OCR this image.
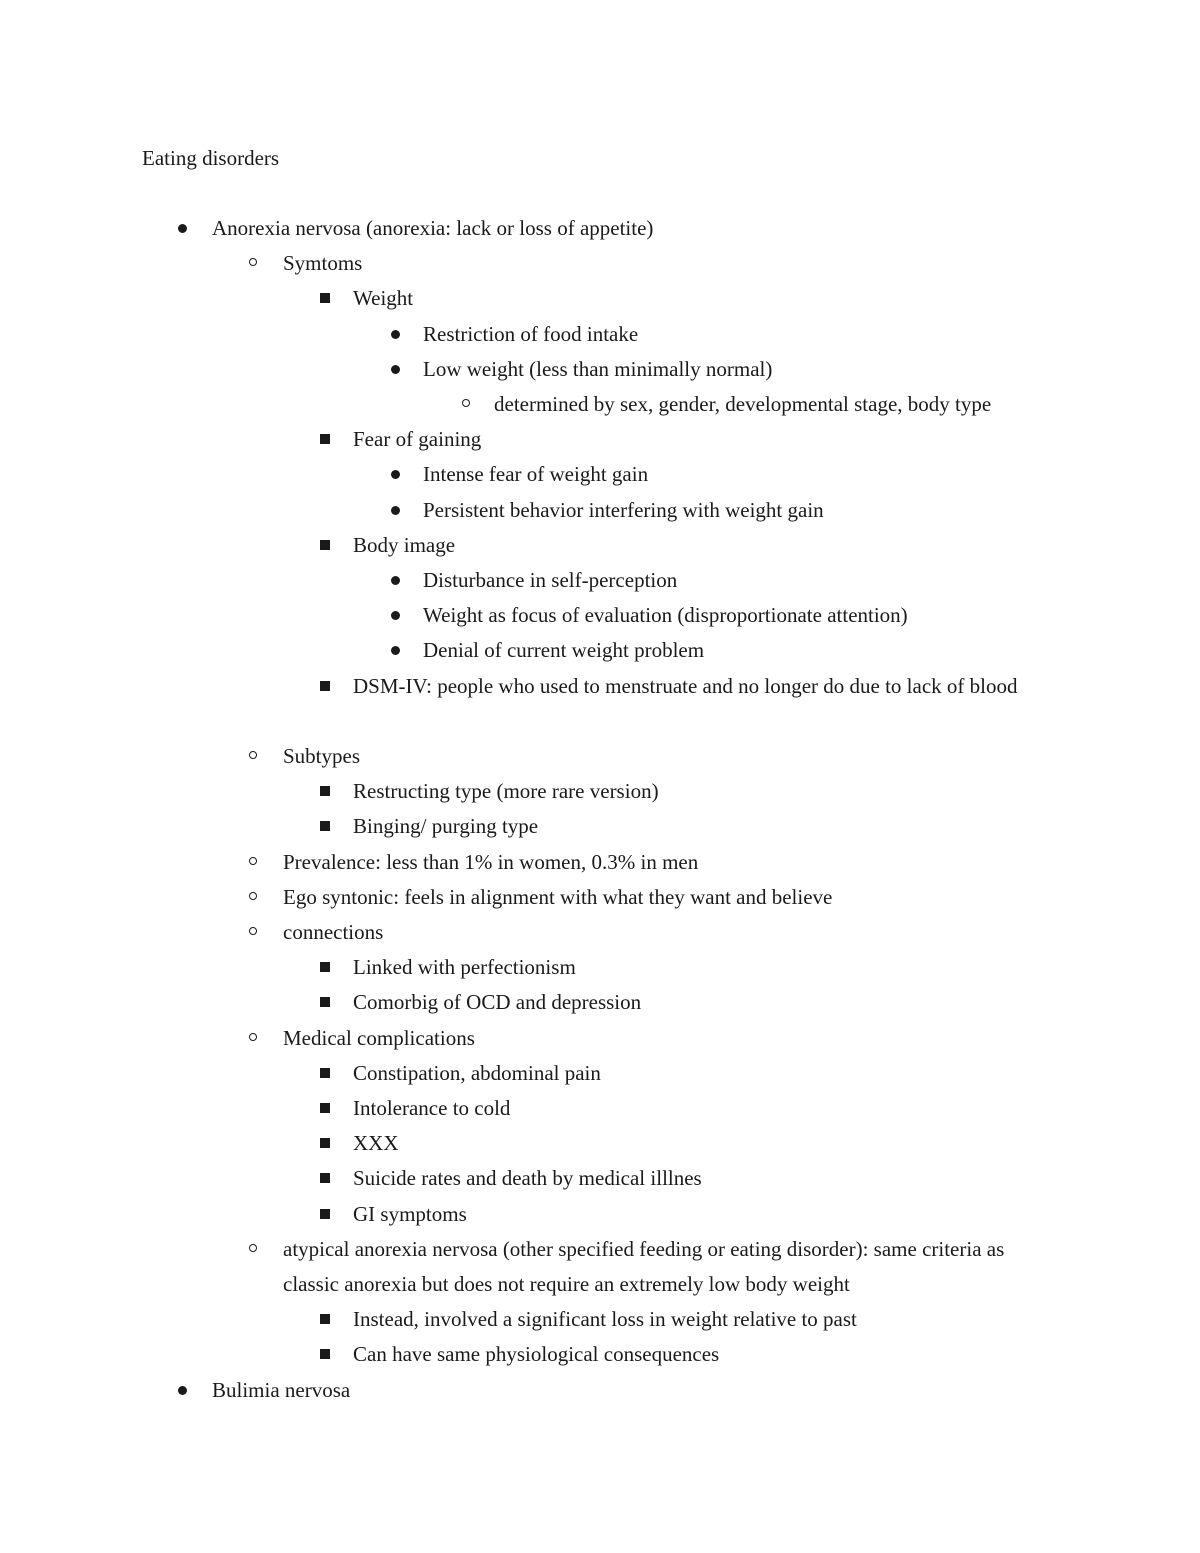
Eating disorders
Anorexia nervosa (anorexia: lack or loss of appetite)
Symtoms
Weight
Restriction of food intake
Low weight (less than minimally normal)
determined by sex, gender, developmental stage, body type
Fear of gaining
Intense fear of weight gain
Persistent behavior interfering with weight gain
Body image
Disturbance in self-perception
Weight as focus of evaluation (disproportionate attention)
Denial of current weight problem
DSM-IV: people who used to menstruate and no longer do due to lack of blood
Subtypes
Restructing type (more rare version)
Binging/ purging type
Prevalence: less than 1% in women, 0.3% in men
Ego syntonic: feels in alignment with what they want and believe
connections
Linked with perfectionism
Comorbig of OCD and depression
Medical complications
Constipation, abdominal pain
Intolerance to cold
XXX
Suicide rates and death by medical illlnes
GI symptoms
atypical anorexia nervosa (other specified feeding or eating disorder): same criteria as classic anorexia but does not require an extremely low body weight
Instead, involved a significant loss in weight relative to past
Can have same physiological consequences
Bulimia nervosa
